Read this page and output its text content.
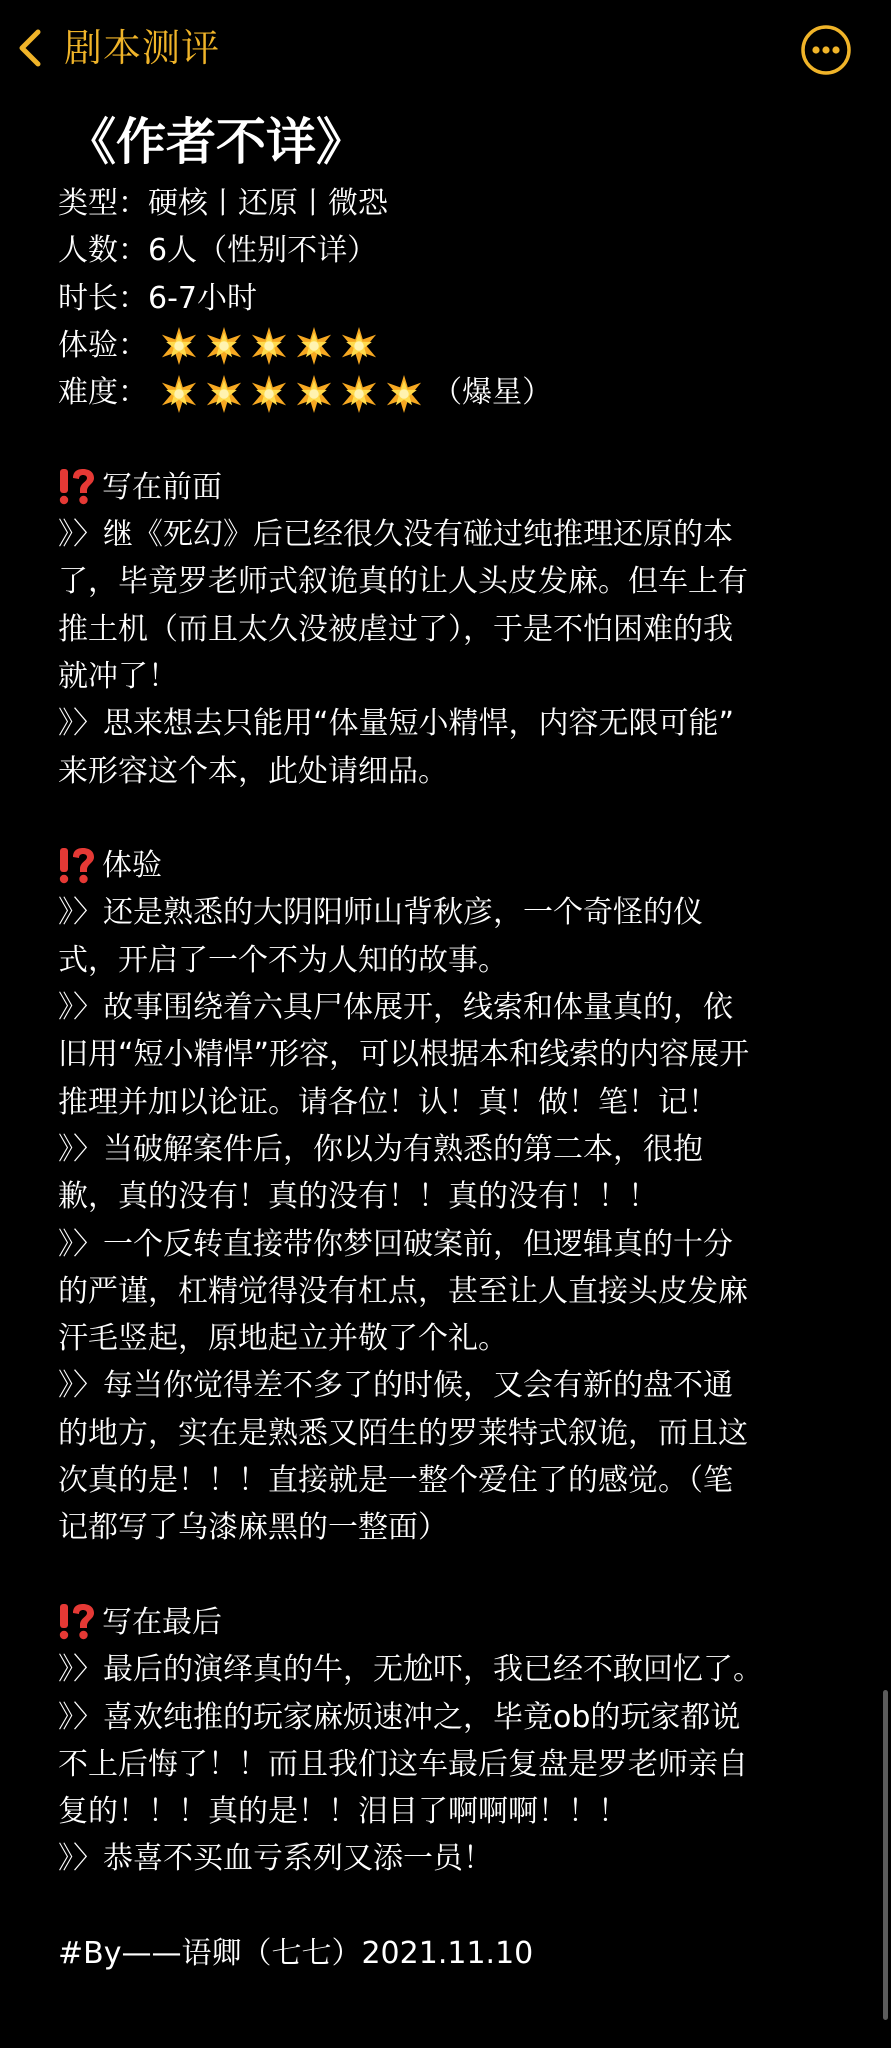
剧本测评
《作者不详》
类型：硬核丨还原丨微恐
人数：6人（性别不详）
时长：6-7小时
体验：
难度：	（爆星）
写在前面
》〉继《死幻》后已经很久没有碰过纯推理还原的本
了，毕竟罗老师式叙诡真的让人头皮发麻。但车上有
推土机（而且太久没被虐过了），于是不怕困难的我
就冲了！
》〉思来想去只能用“体量短小精悍，内容无限可能”
来形容这个本，此处请细品。
体验
》〉还是熟悉的大阴阳师山背秋彦，一个奇怪的仪
式，开启了一个不为人知的故事。
》〉故事围绕着六具尸体展开，线索和体量真的，依
旧用“短小精悍”形容，可以根据本和线索的内容展开
推理并加以论证。请各位！认！真！做！笔！记！
》〉当破解案件后，你以为有熟悉的第二本，很抱
歉，真的没有！真的没有！！真的没有！！！
》〉一个反转直接带你梦回破案前，但逻辑真的十分
的严谨，杠精觉得没有杠点，甚至让人直接头皮发麻
汗毛竖起，原地起立并敬了个礼。
》〉每当你觉得差不多了的时候，又会有新的盘不通
的地方，实在是熟悉又陌生的罗莱特式叙诡，而且这
次真的是！！！直接就是一整个爱住了的感觉。（笔
记都写了乌漆麻黑的一整面）
写在最后
》〉最后的演绎真的牛，无尬吓，我已经不敢回忆了。
》〉喜欢纯推的玩家麻烦速冲之，毕竟ob的玩家都说
不上后悔了！！而且我们这车最后复盘是罗老师亲自
复的！！！真的是！！泪目了啊啊啊！！！
》〉恭喜不买血亏系列又添一员！
#By——语卿（七七）2021.11.10
